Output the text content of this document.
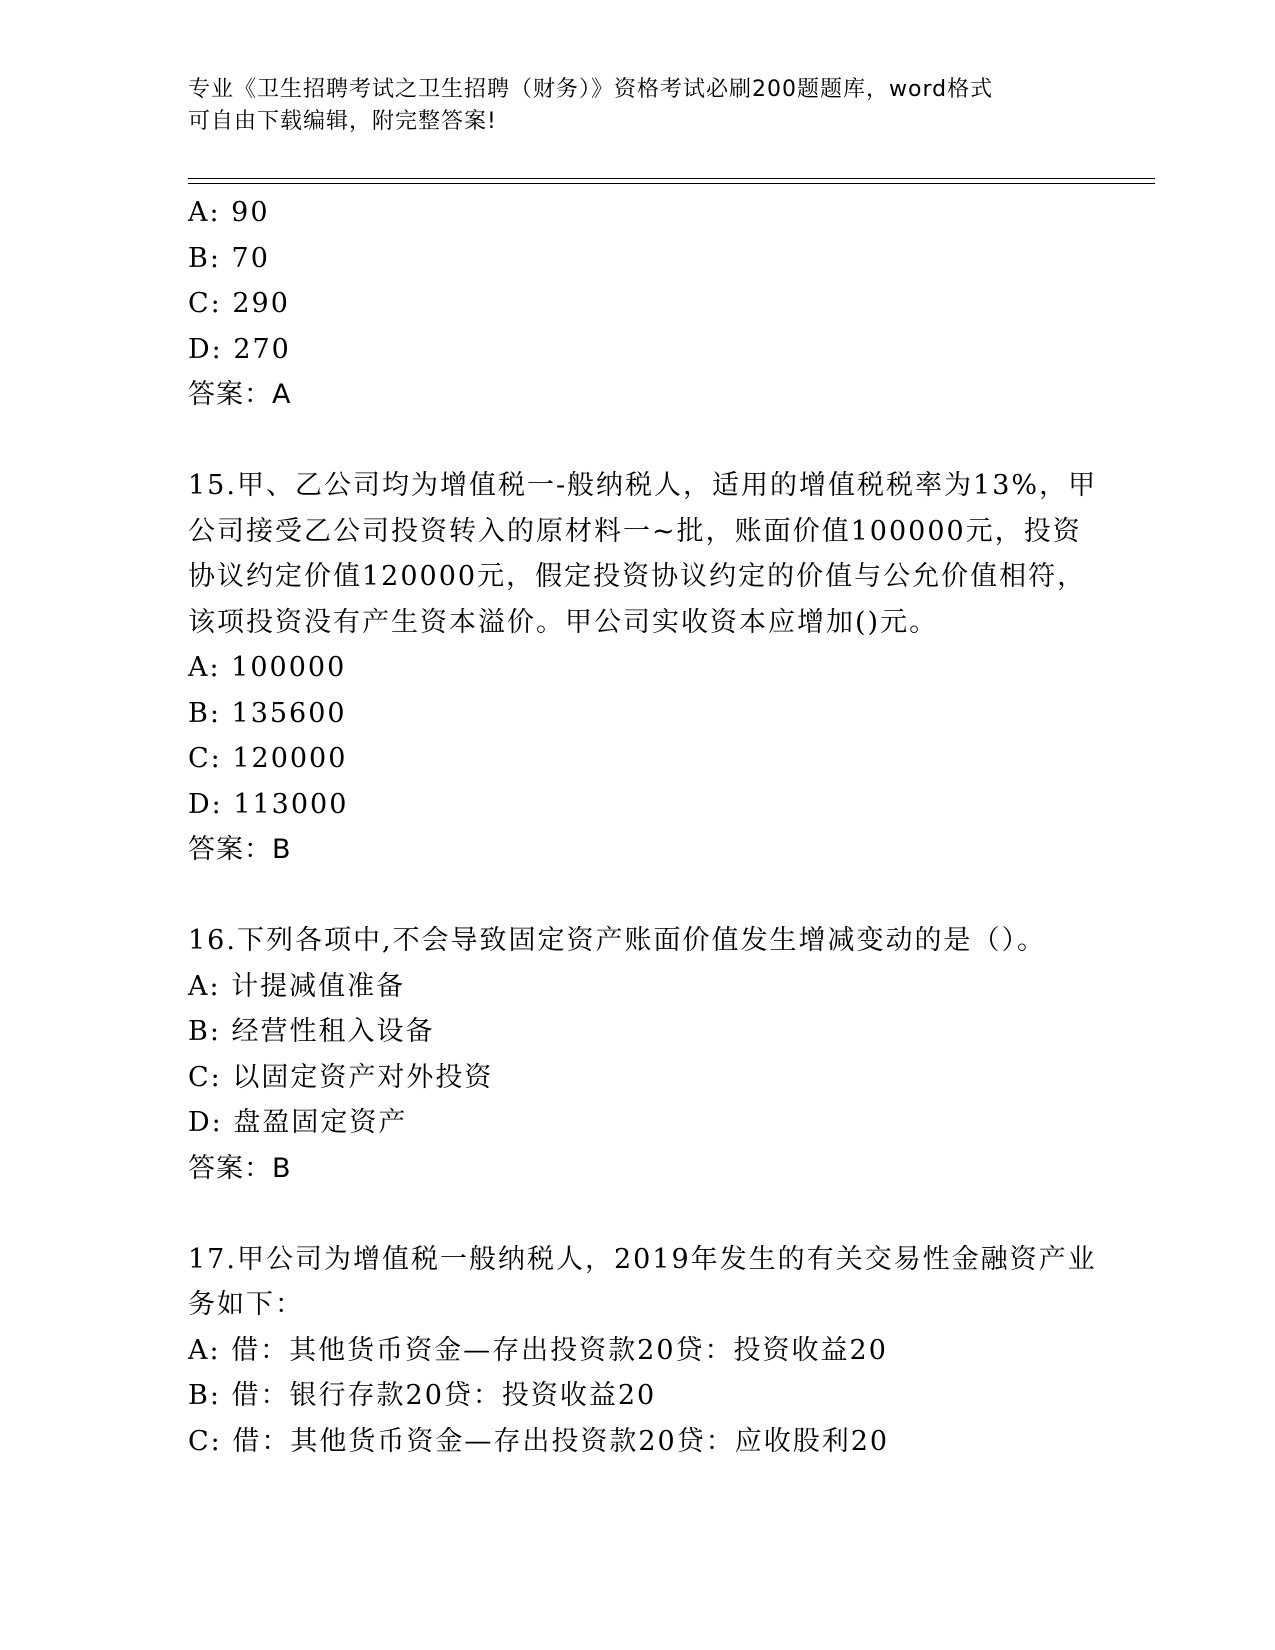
专业《卫生招聘考试之卫生招聘（财务）》资格考试必刷200题题库，word格式
可自由下载编辑，附完整答案!
A: 90
B: 70
C: 290
D: 270
答案：A
15.甲、乙公司均为增值税一-般纳税人，适用的增值税税率为13%，甲
公司接受乙公司投资转入的原材料一~批，账面价值100000元，投资
协议约定价值120000元，假定投资协议约定的价值与公允价值相符，
该项投资没有产生资本溢价。甲公司实收资本应增加()元。
A: 100000
B: 135600
C: 120000
D: 113000
答案：B
16.下列各项中,不会导致固定资产账面价值发生增减变动的是（）。
A: 计提减值准备
B: 经营性租入设备
C: 以固定资产对外投资
D: 盘盈固定资产
答案：B
17.甲公司为增值税一般纳税人，2019年发生的有关交易性金融资产业
务如下：
A: 借：其他货币资金—存出投资款20贷：投资收益20
B: 借：银行存款20贷：投资收益20
C: 借：其他货币资金—存出投资款20贷：应收股利20
